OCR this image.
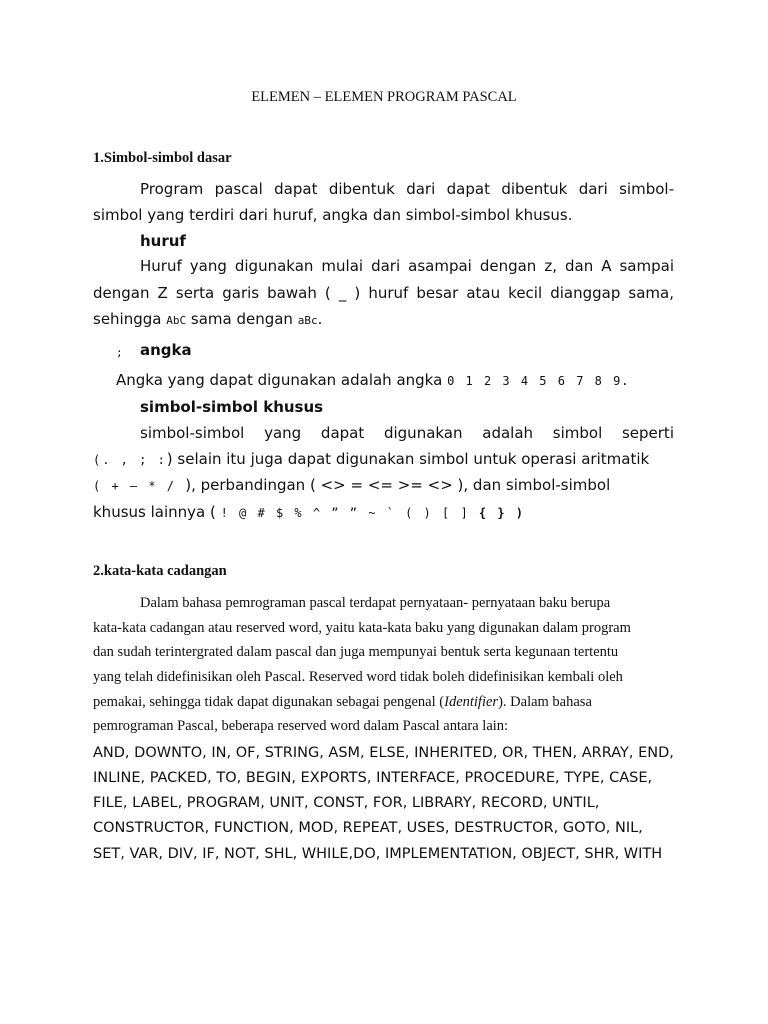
ELEMEN – ELEMEN PROGRAM PASCAL
1.Simbol-simbol dasar
Program pascal dapat dibentuk dari dapat dibentuk dari simbol-
simbol yang terdiri dari huruf, angka dan simbol-simbol khusus.
huruf
Huruf yang digunakan mulai dari asampai dengan z, dan A sampai
dengan Z serta garis bawah ( _ ) huruf besar atau kecil dianggap sama,
sehingga AbC sama dengan aBc.
; angka
Angka yang dapat digunakan adalah angka 0 1 2 3 4 5 6 7 8 9.
simbol-simbol khusus
simbol-simbol yang dapat digunakan adalah simbol seperti
(. , ; :) selain itu juga dapat digunakan simbol untuk operasi aritmatik
( + – * / ), perbandingan ( <> = <= >= <> ), dan simbol-simbol
khusus lainnya ( ! @ # $ % ^ ” ” ~ ` ( ) [ ] { } )
2.kata-kata cadangan
Dalam bahasa pemrograman pascal terdapat pernyataan- pernyataan baku berupa
kata-kata cadangan atau reserved word, yaitu kata-kata baku yang digunakan dalam program
dan sudah terintergrated dalam pascal dan juga mempunyai bentuk serta kegunaan tertentu
yang telah didefinisikan oleh Pascal. Reserved word tidak boleh didefinisikan kembali oleh
pemakai, sehingga tidak dapat digunakan sebagai pengenal (Identifier). Dalam bahasa
pemrograman Pascal, beberapa reserved word dalam Pascal antara lain:
AND, DOWNTO, IN, OF, STRING, ASM, ELSE, INHERITED, OR, THEN, ARRAY, END,
INLINE, PACKED, TO, BEGIN, EXPORTS, INTERFACE, PROCEDURE, TYPE, CASE,
FILE, LABEL, PROGRAM, UNIT, CONST, FOR, LIBRARY, RECORD, UNTIL,
CONSTRUCTOR, FUNCTION, MOD, REPEAT, USES, DESTRUCTOR, GOTO, NIL,
SET, VAR, DIV, IF, NOT, SHL, WHILE,DO, IMPLEMENTATION, OBJECT, SHR, WITH
